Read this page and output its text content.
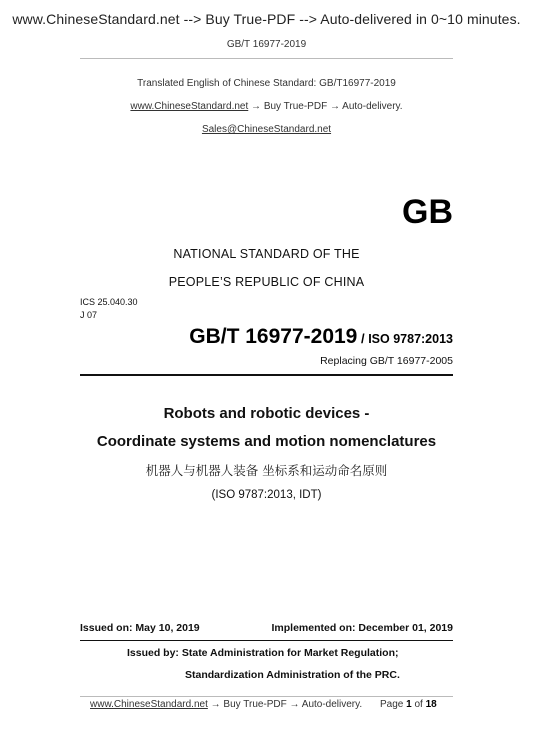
www.ChineseStandard.net --> Buy True-PDF --> Auto-delivered in 0~10 minutes.
GB/T 16977-2019
Translated English of Chinese Standard: GB/T16977-2019
www.ChineseStandard.net → Buy True-PDF → Auto-delivery.
Sales@ChineseStandard.net
GB
NATIONAL STANDARD OF THE
PEOPLE’S REPUBLIC OF CHINA
ICS 25.040.30
J 07
GB/T 16977-2019 / ISO 9787:2013
Replacing GB/T 16977-2005
Robots and robotic devices -
Coordinate systems and motion nomenclatures
机器人与机器人装备 坐标系和运动命名原则
(ISO 9787:2013, IDT)
Issued on: May 10, 2019	Implemented on: December 01, 2019
Issued by: State Administration for Market Regulation;
Standardization Administration of the PRC.
www.ChineseStandard.net → Buy True-PDF → Auto-delivery. Page 1 of 18
